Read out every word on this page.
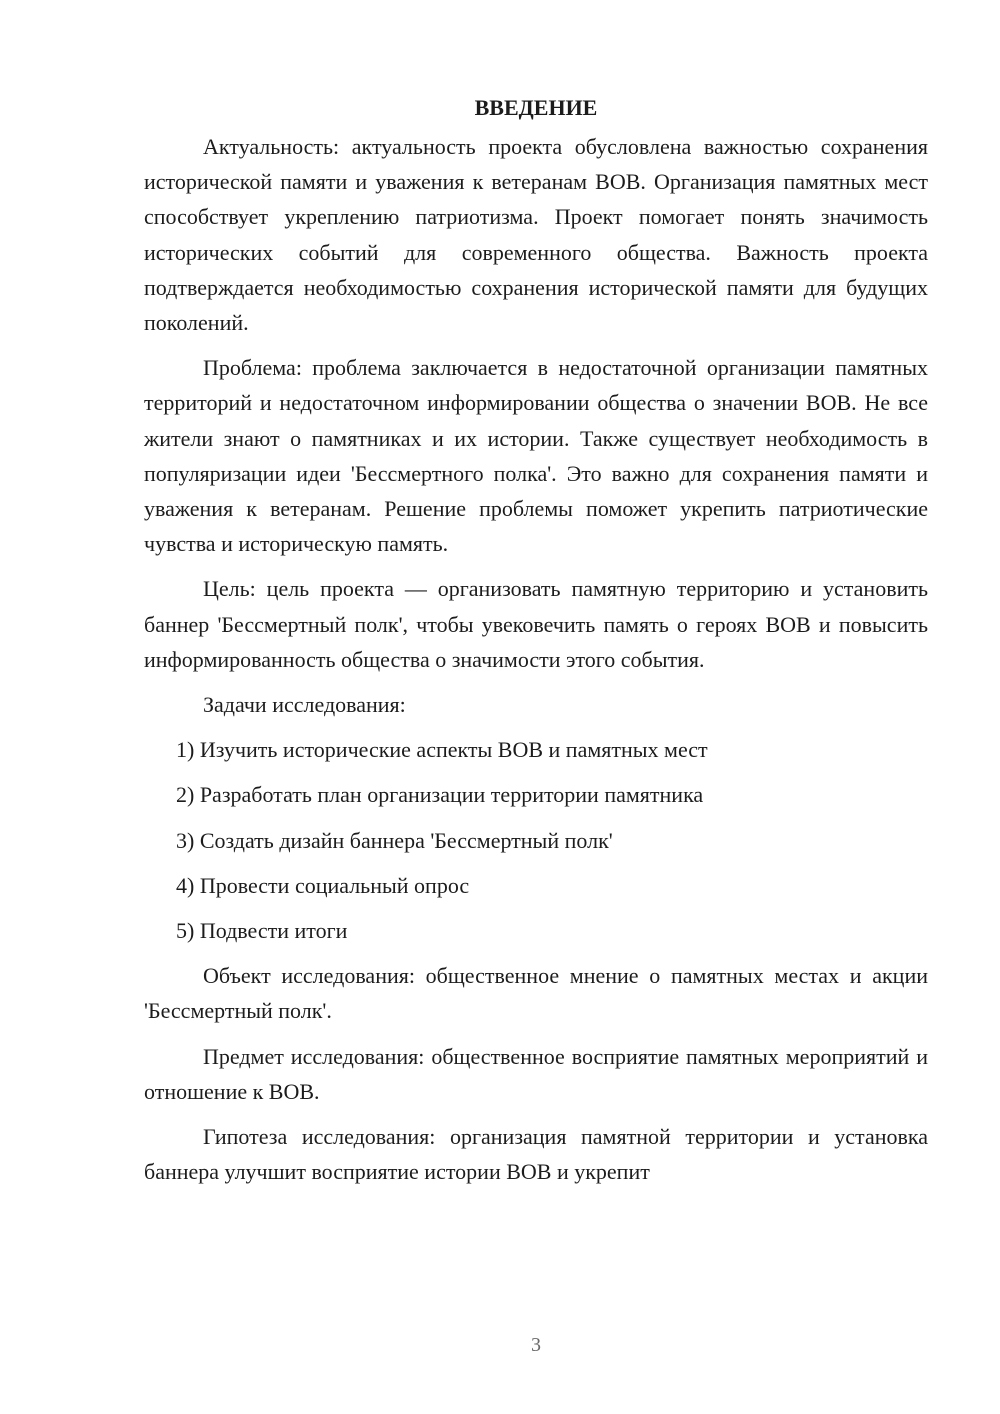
ВВЕДЕНИЕ

Актуальность: актуальность проекта обусловлена важностью сохранения исторической памяти и уважения к ветеранам ВОВ. Организация памятных мест способствует укреплению патриотизма. Проект помогает понять значимость исторических событий для современного общества. Важность проекта подтверждается необходимостью сохранения исторической памяти для будущих поколений.

Проблема: проблема заключается в недостаточной организации памятных территорий и недостаточном информировании общества о значении ВОВ. Не все жители знают о памятниках и их истории. Также существует необходимость в популяризации идеи 'Бессмертного полка'. Это важно для сохранения памяти и уважения к ветеранам. Решение проблемы поможет укрепить патриотические чувства и историческую память.

Цель: цель проекта — организовать памятную территорию и установить баннер 'Бессмертный полк', чтобы увековечить память о героях ВОВ и повысить информированность общества о значимости этого события.

Задачи исследования:

1) Изучить исторические аспекты ВОВ и памятных мест
2) Разработать план организации территории памятника
3) Создать дизайн баннера 'Бессмертный полк'
4) Провести социальный опрос
5) Подвести итоги

Объект исследования: общественное мнение о памятных местах и акции 'Бессмертный полк'.

Предмет исследования: общественное восприятие памятных мероприятий и отношение к ВОВ.

Гипотеза исследования: организация памятной территории и установка баннера улучшит восприятие истории ВОВ и укрепит

3
